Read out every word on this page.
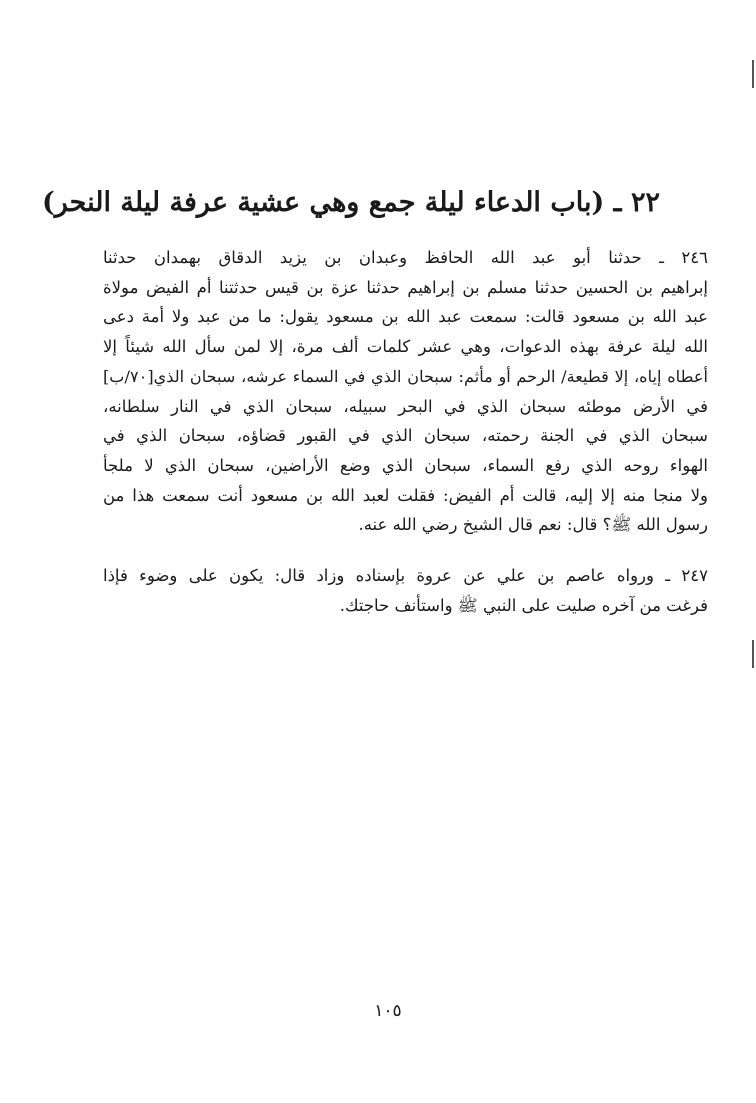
٢٢ ـ (باب الدعاء ليلة جمع وهي عشية عرفة ليلة النحر)
٢٤٦ ـ حدثنا أبو عبد الله الحافظ وعبدان بن يزيد الدقاق بهمدان حدثنا
إبراهيم بن الحسين حدثنا مسلم بن إبراهيم حدثنا عزة بن قيس حدثتنا أم الفيض مولاة
عبد الله بن مسعود قالت: سمعت عبد الله بن مسعود يقول: ما من عبد ولا أمة دعى
الله ليلة عرفة بهذه الدعوات، وهي عشر كلمات ألف مرة، إلا لمن سأل الله شيئاً إلا
أعطاه إياه، إلا قطيعة/ الرحم أو مأثم: سبحان الذي في السماء عرشه، سبحان الذي[٧٠/ب]
في الأرض موطئه سبحان الذي في البحر سبيله، سبحان الذي في النار سلطانه،
سبحان الذي في الجنة رحمته، سبحان الذي في القبور قضاؤه، سبحان الذي في
الهواء روحه الذي رفع السماء، سبحان الذي وضع الأراضين، سبحان الذي لا ملجأ
ولا منجا منه إلا إليه، قالت أم الفيض: فقلت لعبد الله بن مسعود أنت سمعت هذا من
رسول الله ﷺ؟ قال: نعم قال الشيخ رضي الله عنه.
٢٤٧ ـ ورواه عاصم بن علي عن عروة بإسناده وزاد قال: يكون على وضوء فإذا
فرغت من آخره صليت على النبي ﷺ واستأنف حاجتك.
١٠٥
